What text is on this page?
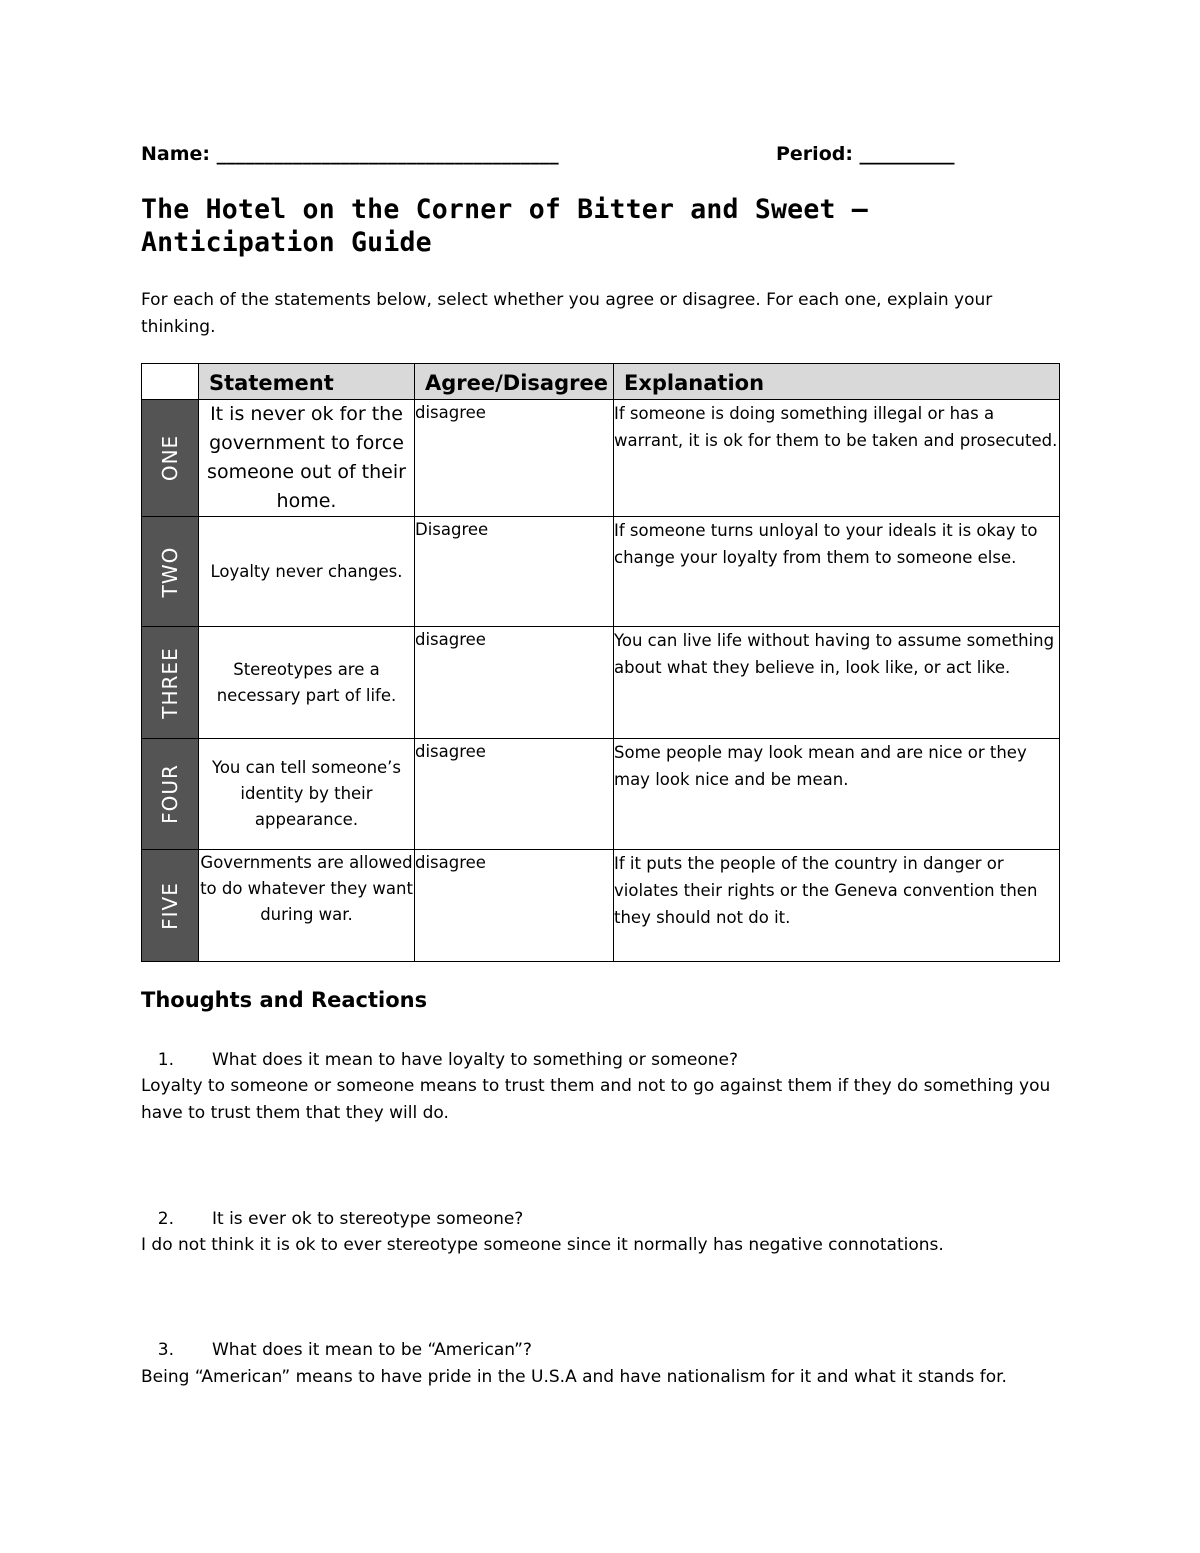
Name: ____________________________________	Period: __________
The Hotel on the Corner of Bitter and Sweet – Anticipation Guide
For each of the statements below, select whether you agree or disagree. For each one, explain your thinking.
	Statement	Agree/Disagree	Explanation

ONE	It is never ok for the government to force someone out of their home.	disagree	If someone is doing something illegal or has a warrant, it is ok for them to be taken and prosecuted.

TWO	Loyalty never changes.	Disagree	If someone turns unloyal to your ideals it is okay to change your loyalty from them to someone else.

THREE	Stereotypes are a necessary part of life.	disagree	You can live life without having to assume something about what they believe in, look like, or act like.

FOUR	You can tell someone’s identity by their appearance.	disagree	Some people may look mean and are nice or they may look nice and be mean.

FIVE	Governments are allowed to do whatever they want during war.	disagree	If it puts the people of the country in danger or violates their rights or the Geneva convention then they should not do it.
Thoughts and Reactions
1. What does it mean to have loyalty to something or someone?
Loyalty to someone or someone means to trust them and not to go against them if they do something you have to trust them that they will do.
2. It is ever ok to stereotype someone?
I do not think it is ok to ever stereotype someone since it normally has negative connotations.
3. What does it mean to be “American”?
Being “American” means to have pride in the U.S.A and have nationalism for it and what it stands for.
